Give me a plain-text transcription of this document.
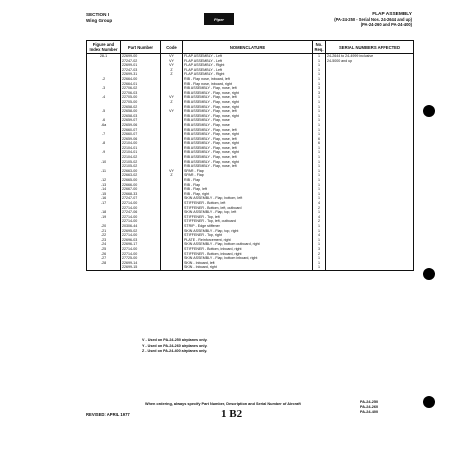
SECTION I
Wing Group	Piper
FLAP ASSEMBLY
(PA-24-250 - Serial Nos. 24-2644 and up)
(PA-24-260 and PA-24-400)
Figure and Index Number	Part Number	Code	NOMENCLATURE	No. Req.	SERIAL NUMBERS AFFECTED
28-1	22699-00	VY	FLAP ASSEMBLY - Left	1	24-2644 to 24-4999 inclusive
	27247-02	VY	FLAP ASSEMBLY - Left	1	24-5000 and up
	22699-01	VY	FLAP ASSEMBLY - Right	1	
	27247-03	Z	FLAP ASSEMBLY - Left	1	
	22699-31	Z	FLAP ASSEMBLY - Right	1	
-2	22664-00		RIB - Flap nose, inboard, left	1	
	22664-01		RIB - Flap nose, inboard, right	1	
-3	22706-02		RIB ASSEMBLY - Flap, nose, left	3	
	22706-03		RIB ASSEMBLY - Flap, nose, right	3	
-4	22705-00	VY	RIB ASSEMBLY - Flap, nose, left	1	
	22705-00	Z	RIB ASSEMBLY - Flap, nose, right	1	
	22658-02		RIB ASSEMBLY - Flap, nose, right	1	
-5	22658-00	VY	RIB ASSEMBLY - Flap, nose, left	1	
	22658-03		RIB ASSEMBLY - Flap, nose, right	1	
-6	22659-07		RIB ASSEMBLY - Flap, nose	1	
-6a	22659-06		RIB ASSEMBLY - Flap, nose	1	
	22660-07		RIB ASSEMBLY - Flap, nose, left	1	
-7	22660-07		RIB ASSEMBLY - Flap, nose, right	1	
	22659-06		RIB ASSEMBLY - Flap, nose, left	6	
-8	22104-00		RIB ASSEMBLY - Flap, nose, right	6	
	22104-01		RIB ASSEMBLY - Flap, nose, left	1	
-9	22104-01		RIB ASSEMBLY - Flap, nose, right	1	
	22104-02		RIB ASSEMBLY - Flap, nose, left	1	
-10	22105-02		RIB ASSEMBLY - Flap, nose, right	1	
	22105-02		RIB ASSEMBLY - Flap, nose, left	1	
-11	22663-00	VY	SPAR - Flap	1	
	22663-02	Z	SPAR - Flap	1	
-12	22665-00		RIB - Flap	1	
-13	22666-00		RIB - Flap	1	
-14	22667-00		RIB - Flap, left	1	
-15	22668-33		RIB - Flap, right	1	
-16	27247-07		SKIN ASSEMBLY - Flap, bottom, left	1	
-17	22714-00		STIFFENER - Bottom, left	4	
	22714-00		STIFFENER - Bottom, left, outboard	2	
-18	27247-06		SKIN ASSEMBLY - Flap, top, left	1	
-19	22714-00		STIFFENER - Top, left	4	
	22714-00		STIFFENER - Top, left, outboard	2	
-20	20306-44		STRIP - Edge stiffener	1	
-21	22695-02		SKIN ASSEMBLY - Flap, top, right	1	
-22	22714-00		STIFFENER - Top, right	4	
-23	22696-03		PLATE - Reinforcement, right	1	
-24	22696-17		SKIN ASSEMBLY - Flap, bottom outboard, right	1	
-25	22714-00		STIFFENER - Bottom, inboard, right	3	
-26	22714-00		STIFFENER - Bottom, inboard, right	2	
-27	27725-00		SKIN ASSEMBLY - Flap, bottom inboard, right	1	
-28	22699-14		SKIN - Inboard, left	1	
	22699-15		SKIN - Inboard, right	1	
V - Used on PA-24-250 airplanes only.
Y - Used on PA-24-260 airplanes only.
Z - Used on PA-24-400 airplanes only.
When ordering, always specify Part Number, Description and Serial Number of Aircraft
REVISED: APRIL 1977	1 B2
PA-24-250
PA-24-260
PA-24-400
